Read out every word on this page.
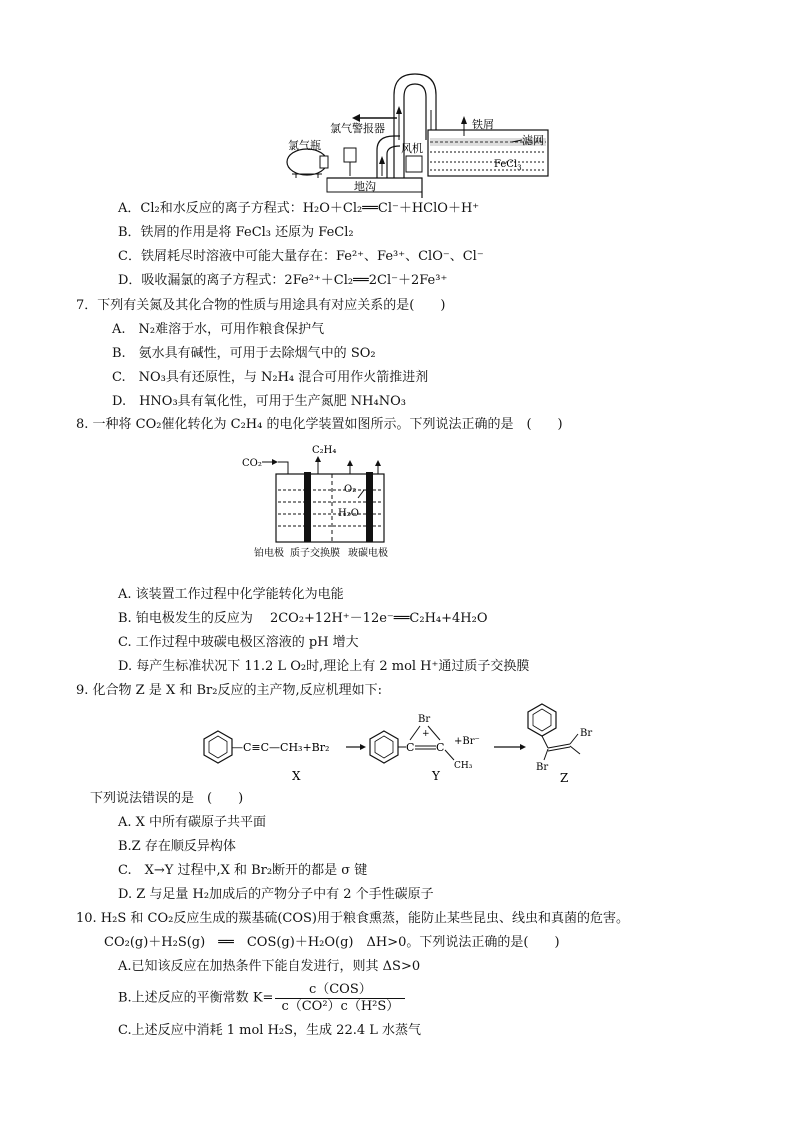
氯气瓶
氯气警报器
地沟
风机
铁屑
滤网
FeCl$_3$
A．Cl₂和水反应的离子方程式：H₂O＋Cl₂══Cl⁻＋HClO＋H⁺
B．铁屑的作用是将 FeCl₃ 还原为 FeCl₂
C．铁屑耗尽时溶液中可能大量存在：Fe²⁺、Fe³⁺、ClO⁻、Cl⁻
D．吸收漏氯的离子方程式：2Fe²⁺＋Cl₂══2Cl⁻＋2Fe³⁺
7．下列有关氮及其化合物的性质与用途具有对应关系的是(　　)
A.　N₂难溶于水，可用作粮食保护气
B.　氨水具有碱性，可用于去除烟气中的 SO₂
C.　NO₃具有还原性，与 N₂H₄ 混合可用作火箭推进剂
D.　HNO₃具有氧化性，可用于生产氮肥 NH₄NO₃
8. 一种将 CO₂催化转化为 C₂H₄ 的电化学装置如图所示。下列说法正确的是　(　　)
CO₂
C₂H₄
O₂
H₂O
铂电极 质子交换膜 玻碳电极
A. 该装置工作过程中化学能转化为电能
B. 铂电极发生的反应为　 2CO₂+12H⁺－12e⁻══C₂H₄+4H₂O
C. 工作过程中玻碳电极区溶液的 pH 增大
D. 每产生标准状况下 11.2 L O₂时,理论上有 2 mol H⁺通过质子交换膜
9. 化合物 Z 是 X 和 Br₂反应的主产物,反应机理如下:
—C≡C—CH₃+Br₂
X
C C
Br
+
CH₃
+Br⁻
Y
Br
Br
Z
下列说法错误的是　(　　)
A. X 中所有碳原子共平面
B.Z 存在顺反异构体
C.　X→Y 过程中,X 和 Br₂断开的都是 σ 键
D. Z 与足量 H₂加成后的产物分子中有 2 个手性碳原子
10. H₂S 和 CO₂反应生成的羰基硫(COS)用于粮食熏蒸，能防止某些昆虫、线虫和真菌的危害。
CO₂(g)＋H₂S(g)　══　COS(g)＋H₂O(g)　ΔH>0。下列说法正确的是(　　)
A.已知该反应在加热条件下能自发进行，则其 ΔS>0
B.上述反应的平衡常数 $K= \frac{\text{c（COS）}}{\text{c（CO²）c（H²S）}}$
C.上述反应中消耗 1 mol H₂S，生成 22.4 L 水蒸气
